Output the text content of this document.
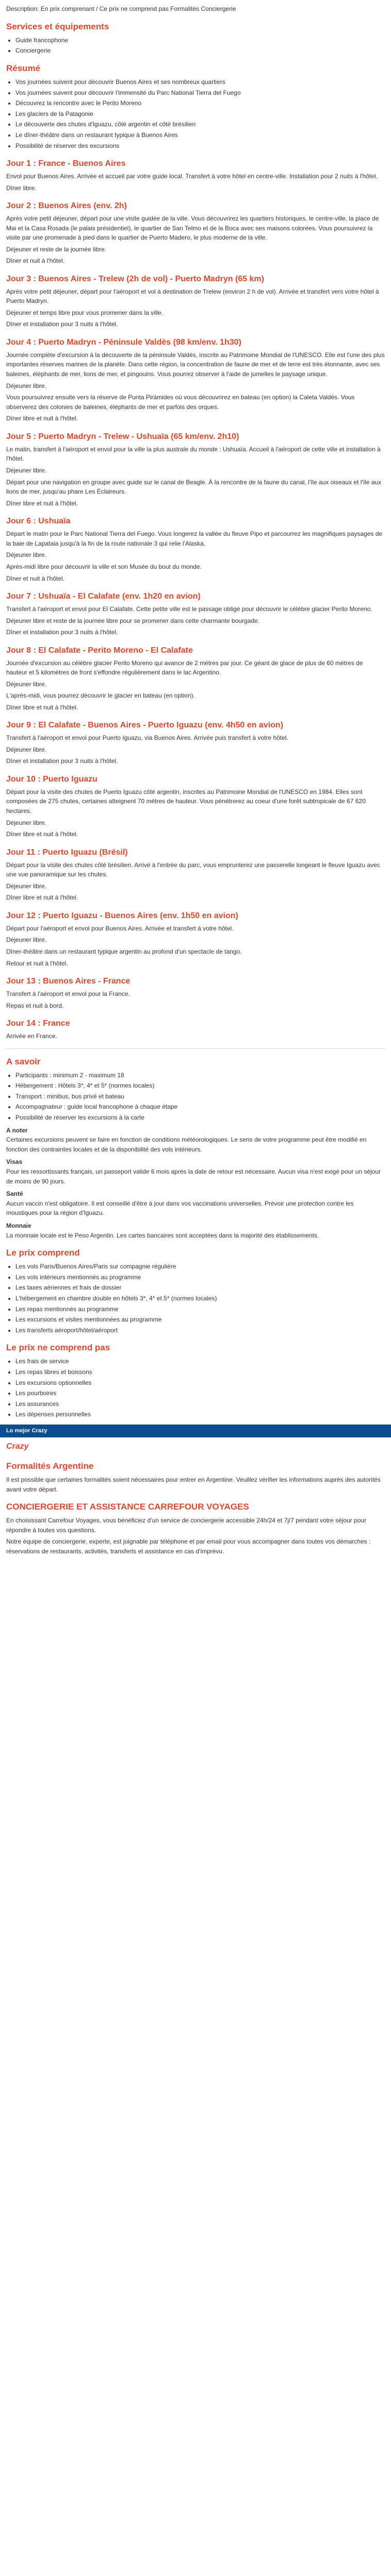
Description: En prix comprenant / Ce prix ne comprend pas Formalités Conciergerie

Services et équipements
• Guide francophone
• Conciergerie
Résumé
• Vos journées suivent pour découvrir Buenos Aires et ses nombreux quartiers
• Vos journées suivent pour découvrir l'immensité du Parc National Tierra del Fuego
• Découvrez la rencontre avec le Perito Moreno
• Les glaciers de la Patagonie
• Le découverte des chutes d'Iguazu, côté argentin et côté brésilien
• Le dîner-théâtre dans un restaurant typique à Buenos Aires
• Possibilité de réserver des excursions
Jour 1 : France - Buenos Aires

Envol pour Buenos Aires. Arrivée et accueil par votre guide local. Transfert à votre hôtel en centre-ville. Installation pour 2 nuits à l'hôtel.

Dîner libre.

Jour 2 : Buenos Aires (env. 2h)

Après votre petit déjeuner, départ pour une visite guidée de la ville. Vous découvrirez les quartiers historiques, le centre-ville, la place de Mai et la Casa Rosada (le palais présidentiel), le quartier de San Telmo et de la Boca avec ses maisons colorées. Vous poursuivrez la visite par une promenade à pied dans le quartier de Puerto Madero, le plus moderne de la ville.

Déjeuner et reste de la journée libre.

Dîner et nuit à l'hôtel.

Jour 3 : Buenos Aires - Trelew (2h de vol) - Puerto Madryn (65 km)

Après votre petit déjeuner, départ pour l'aéroport et vol à destination de Trelew (environ 2 h de vol). Arrivée et transfert vers votre hôtel à Puerto Madryn.

Déjeuner et temps libre pour vous promener dans la ville.

Dîner et installation pour 3 nuits à l'hôtel.

Jour 4 : Puerto Madryn - Péninsule Valdès (98 km/env. 1h30)

Journée complète d'excursion à la découverte de la péninsule Valdès, inscrite au Patrimoine Mondial de l'UNESCO. Elle est l'une des plus importantes réserves marines de la planète. Dans cette région, la concentration de faune de mer et de terre est très étonnante, avec ses baleines, éléphants de mer, lions de mer, et pingouins. Vous pourrez observer à l'aide de jumelles le paysage unique.

Déjeuner libre.

Vous poursuivrez ensuite vers la réserve de Punta Pirámides où vous découvrirez en bateau (en option) la Caleta Valdés. Vous observerez des colonies de baleines, éléphants de mer et parfois des orques.

Dîner libre et nuit à l'hôtel.

Jour 5 : Puerto Madryn - Trelew - Ushuaïa (65 km/env. 2h10)

Le matin, transfert à l'aéroport et envol pour la ville la plus australe du monde : Ushuaïa. Accueil à l'aéroport de cette ville et installation à l'hôtel.

Déjeuner libre.

Départ pour une navigation en groupe avec guide sur le canal de Beagle. À la rencontre de la faune du canal, l'île aux oiseaux et l'île aux lions de mer, jusqu'au phare Les Éclaireurs.

Dîner libre et nuit à l'hôtel.

Jour 6 : Ushuaïa

Départ le matin pour le Parc National Tierra del Fuego. Vous longerez la vallée du fleuve Pipo et parcourrez les magnifiques paysages de la baie de Lapataia jusqu'à la fin de la route nationale 3 qui relie l'Alaska.

Déjeuner libre.

Après-midi libre pour découvrir la ville et son Musée du bout du monde.

Dîner et nuit à l'hôtel.

Jour 7 : Ushuaïa - El Calafate (env. 1h20 en avion)

Transfert à l'aéroport et envol pour El Calafate. Cette petite ville est le passage obligé pour découvrir le célèbre glacier Perito Moreno.

Déjeuner libre et reste de la journée libre pour se promener dans cette charmante bourgade.

Dîner et installation pour 3 nuits à l'hôtel.

Jour 8 : El Calafate - Perito Moreno - El Calafate

Journée d'excursion au célèbre glacier Perito Moreno qui avance de 2 mètres par jour. Ce géant de glace de plus de 60 mètres de hauteur et 5 kilomètres de front s'effondre régulièrement dans le lac Argentino.

Déjeuner libre.

L'après-midi, vous pourrez découvrir le glacier en bateau (en option).

Dîner libre et nuit à l'hôtel.

Jour 9 : El Calafate - Buenos Aires - Puerto Iguazu (env. 4h50 en avion)

Transfert à l'aéroport et envol pour Puerto Iguazu, via Buenos Aires. Arrivée puis transfert à votre hôtel.

Déjeuner libre.

Dîner et installation pour 3 nuits à l'hôtel.

Jour 10 : Puerto Iguazu

Départ pour la visite des chutes de Puerto Iguazu côté argentin, inscrites au Patrimoine Mondial de l'UNESCO en 1984. Elles sont composées de 275 chutes, certaines atteignent 70 mètres de hauteur. Vous pénétrerez au coeur d'une forêt subtropicale de 67 620 hectares.

Déjeuner libre.

Dîner libre et nuit à l'hôtel.

Jour 11 : Puerto Iguazu (Brésil)

Départ pour la visite des chutes côté brésilien. Arrivé à l'entrée du parc, vous emprunterez une passerelle longeant le fleuve Iguazu avec une vue panoramique sur les chutes.

Déjeuner libre.

Dîner libre et nuit à l'hôtel.

Jour 12 : Puerto Iguazu - Buenos Aires (env. 1h50 en avion)

Départ pour l'aéroport et envol pour Buenos Aires. Arrivée et transfert à votre hôtel.

Déjeuner libre.

Dîner-théâtre dans un restaurant typique argentin au profond d'un spectacle de tango.

Retour et nuit à l'hôtel.

Jour 13 : Buenos Aires - France

Transfert à l'aéroport et envol pour la France.

Repas et nuit à bord.

Jour 14 : France

Arrivée en France.

A savoir
• Participants : minimum 2 - maximum 18
• Hébergement : Hôtels 3*, 4* et 5* (normes locales)
• Transport : minibus, bus privé et bateau
• Accompagnateur : guide local francophone à chaque étape
• Possibilité de réserver les excursions à la carte

A noter

Certaines excursions peuvent se faire en fonction de conditions météorologiques. Le sens de votre programme peut être modifié en fonction des contraintes locales et de la disponibilité des vols intérieurs.

Visas

Pour les ressortissants français, un passeport valide 6 mois après la date de retour est nécessaire. Aucun visa n'est exigé pour un séjour de moins de 90 jours.

Santé

Aucun vaccin n'est obligatoire. Il est conseillé d'être à jour dans vos vaccinations universelles. Prévoir une protection contre les moustiques pour la région d'Iguazu.

Monnaie

La monnaie locale est le Peso Argentin. Les cartes bancaires sont acceptées dans la majorité des établissements.

Le prix comprend
• Les vols Paris/Buenos Aires/Paris sur compagnie régulière
• Les vols intérieurs mentionnés au programme
• Les taxes aériennes et frais de dossier
• L'hébergement en chambre double en hôtels 3*, 4* et 5* (normes locales)
• Les repas mentionnés au programme
• Les excursions et visites mentionnées au programme
• Les transferts aéroport/hôtel/aéroport
Le prix ne comprend pas
• Les frais de service
• Les repas libres et boissons
• Les excursions optionnelles
• Les pourboires
• Les assurances
• Les dépenses personnelles
Lo mejor Crazy
Crazy
Formalités Argentine

Il est possible que certaines formalités soient nécessaires pour entrer en Argentine. Veuillez vérifier les informations auprès des autorités avant votre départ.

CONCIERGERIE ET ASSISTANCE CARREFOUR VOYAGES

En choisissant Carrefour Voyages, vous bénéficiez d'un service de conciergerie accessible 24h/24 et 7j/7 pendant votre séjour pour répondre à toutes vos questions.

Notre équipe de conciergerie, experte, est joignable par téléphone et par email pour vous accompagner dans toutes vos démarches : réservations de restaurants, activités, transferts et assistance en cas d'imprévu.
